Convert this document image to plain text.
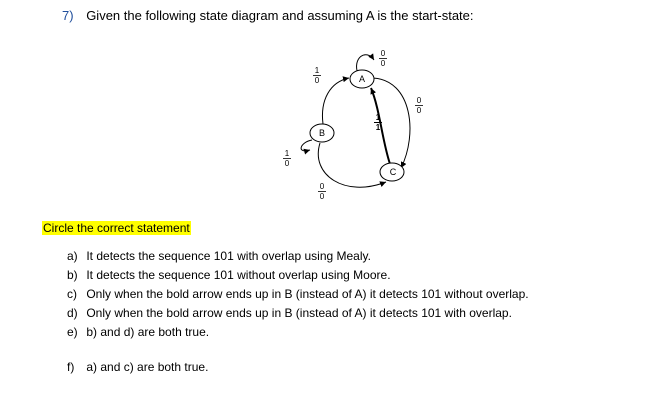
7) Given the following state diagram and assuming A is the start-state:
A
B
C
0
0
1
0
1
1
0
0
1
0
0
0
Circle the correct statement
a) It detects the sequence 101 with overlap using Mealy.
b) It detects the sequence 101 without overlap using Moore.
c) Only when the bold arrow ends up in B (instead of A) it detects 101 without overlap.
d) Only when the bold arrow ends up in B (instead of A) it detects 101 with overlap.
e) b) and d) are both true.
f) a) and c) are both true.
